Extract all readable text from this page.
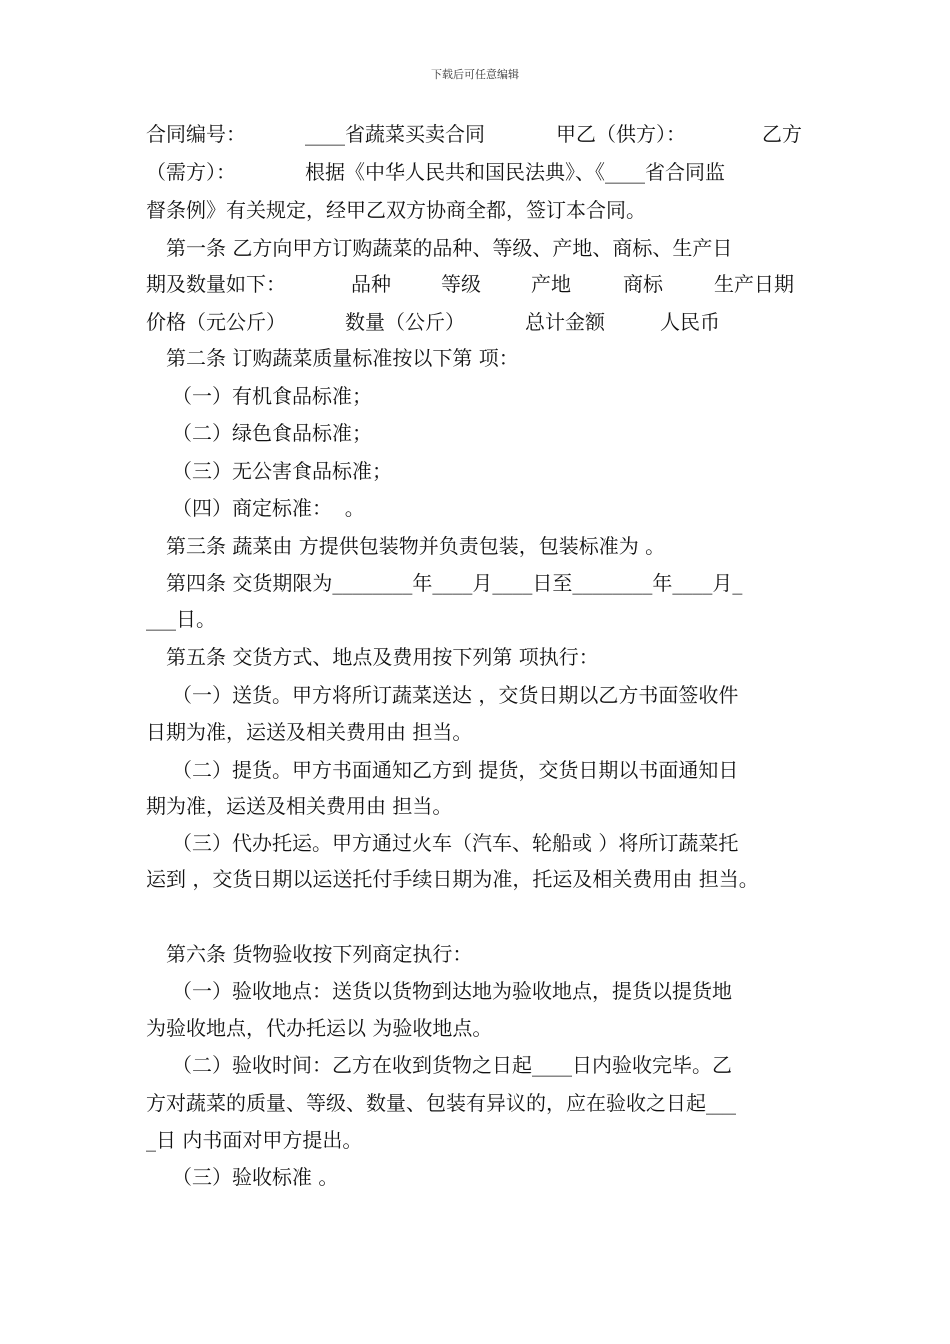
下载后可任意编辑
合同编号：	____省蔬菜买卖合同	甲乙（供方）：	乙方
（需方）：	根据《中华人民共和国民法典》、《____省合同监
督条例》有关规定，经甲乙双方协商全都，签订本合同。
第一条 乙方向甲方订购蔬菜的品种、等级、产地、商标、生产日
期及数量如下：	品种	等级	产地	商标	生产日期
价格（元公斤）	数量（公斤）	总计金额	人民币
第二条 订购蔬菜质量标准按以下第 项：
（一）有机食品标准；
（二）绿色食品标准；
（三）无公害食品标准；
（四）商定标准：  。
第三条 蔬菜由 方提供包装物并负责包装，包装标准为 。
第四条 交货期限为________年____月____日至________年____月_
___日。
第五条 交货方式、地点及费用按下列第 项执行：
（一）送货。甲方将所订蔬菜送达 ，交货日期以乙方书面签收件
日期为准，运送及相关费用由 担当。
（二）提货。甲方书面通知乙方到 提货，交货日期以书面通知日
期为准，运送及相关费用由 担当。
（三）代办托运。甲方通过火车（汽车、轮船或 ）将所订蔬菜托
运到 ，交货日期以运送托付手续日期为准，托运及相关费用由 担当。
第六条 货物验收按下列商定执行：
（一）验收地点：送货以货物到达地为验收地点，提货以提货地
为验收地点，代办托运以 为验收地点。
（二）验收时间：乙方在收到货物之日起____日内验收完毕。乙
方对蔬菜的质量、等级、数量、包装有异议的，应在验收之日起___
_日 内书面对甲方提出。
（三）验收标准 。
